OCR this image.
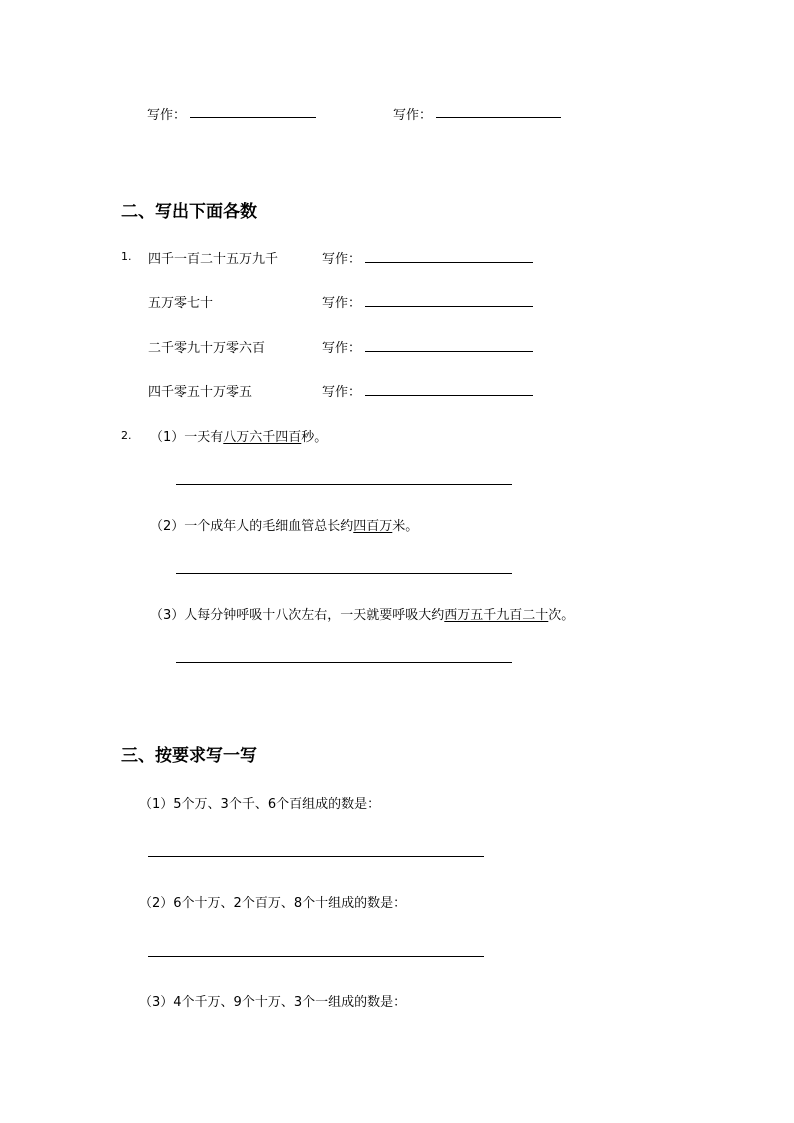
写作：	写作：
二、写出下面各数
1. 四千一百二十五万九千	写作：
五万零七十	写作：
二千零九十万零六百	写作：
四千零五十万零五	写作：
2. （1）一天有八万六千四百秒。
（2）一个成年人的毛细血管总长约四百万米。
（3）人每分钟呼吸十八次左右，一天就要呼吸大约西万五千九百二十次。
三、按要求写一写
（1）5个万、3个千、6个百组成的数是：
（2）6个十万、2个百万、8个十组成的数是：
（3）4个千万、9个十万、3个一组成的数是：
